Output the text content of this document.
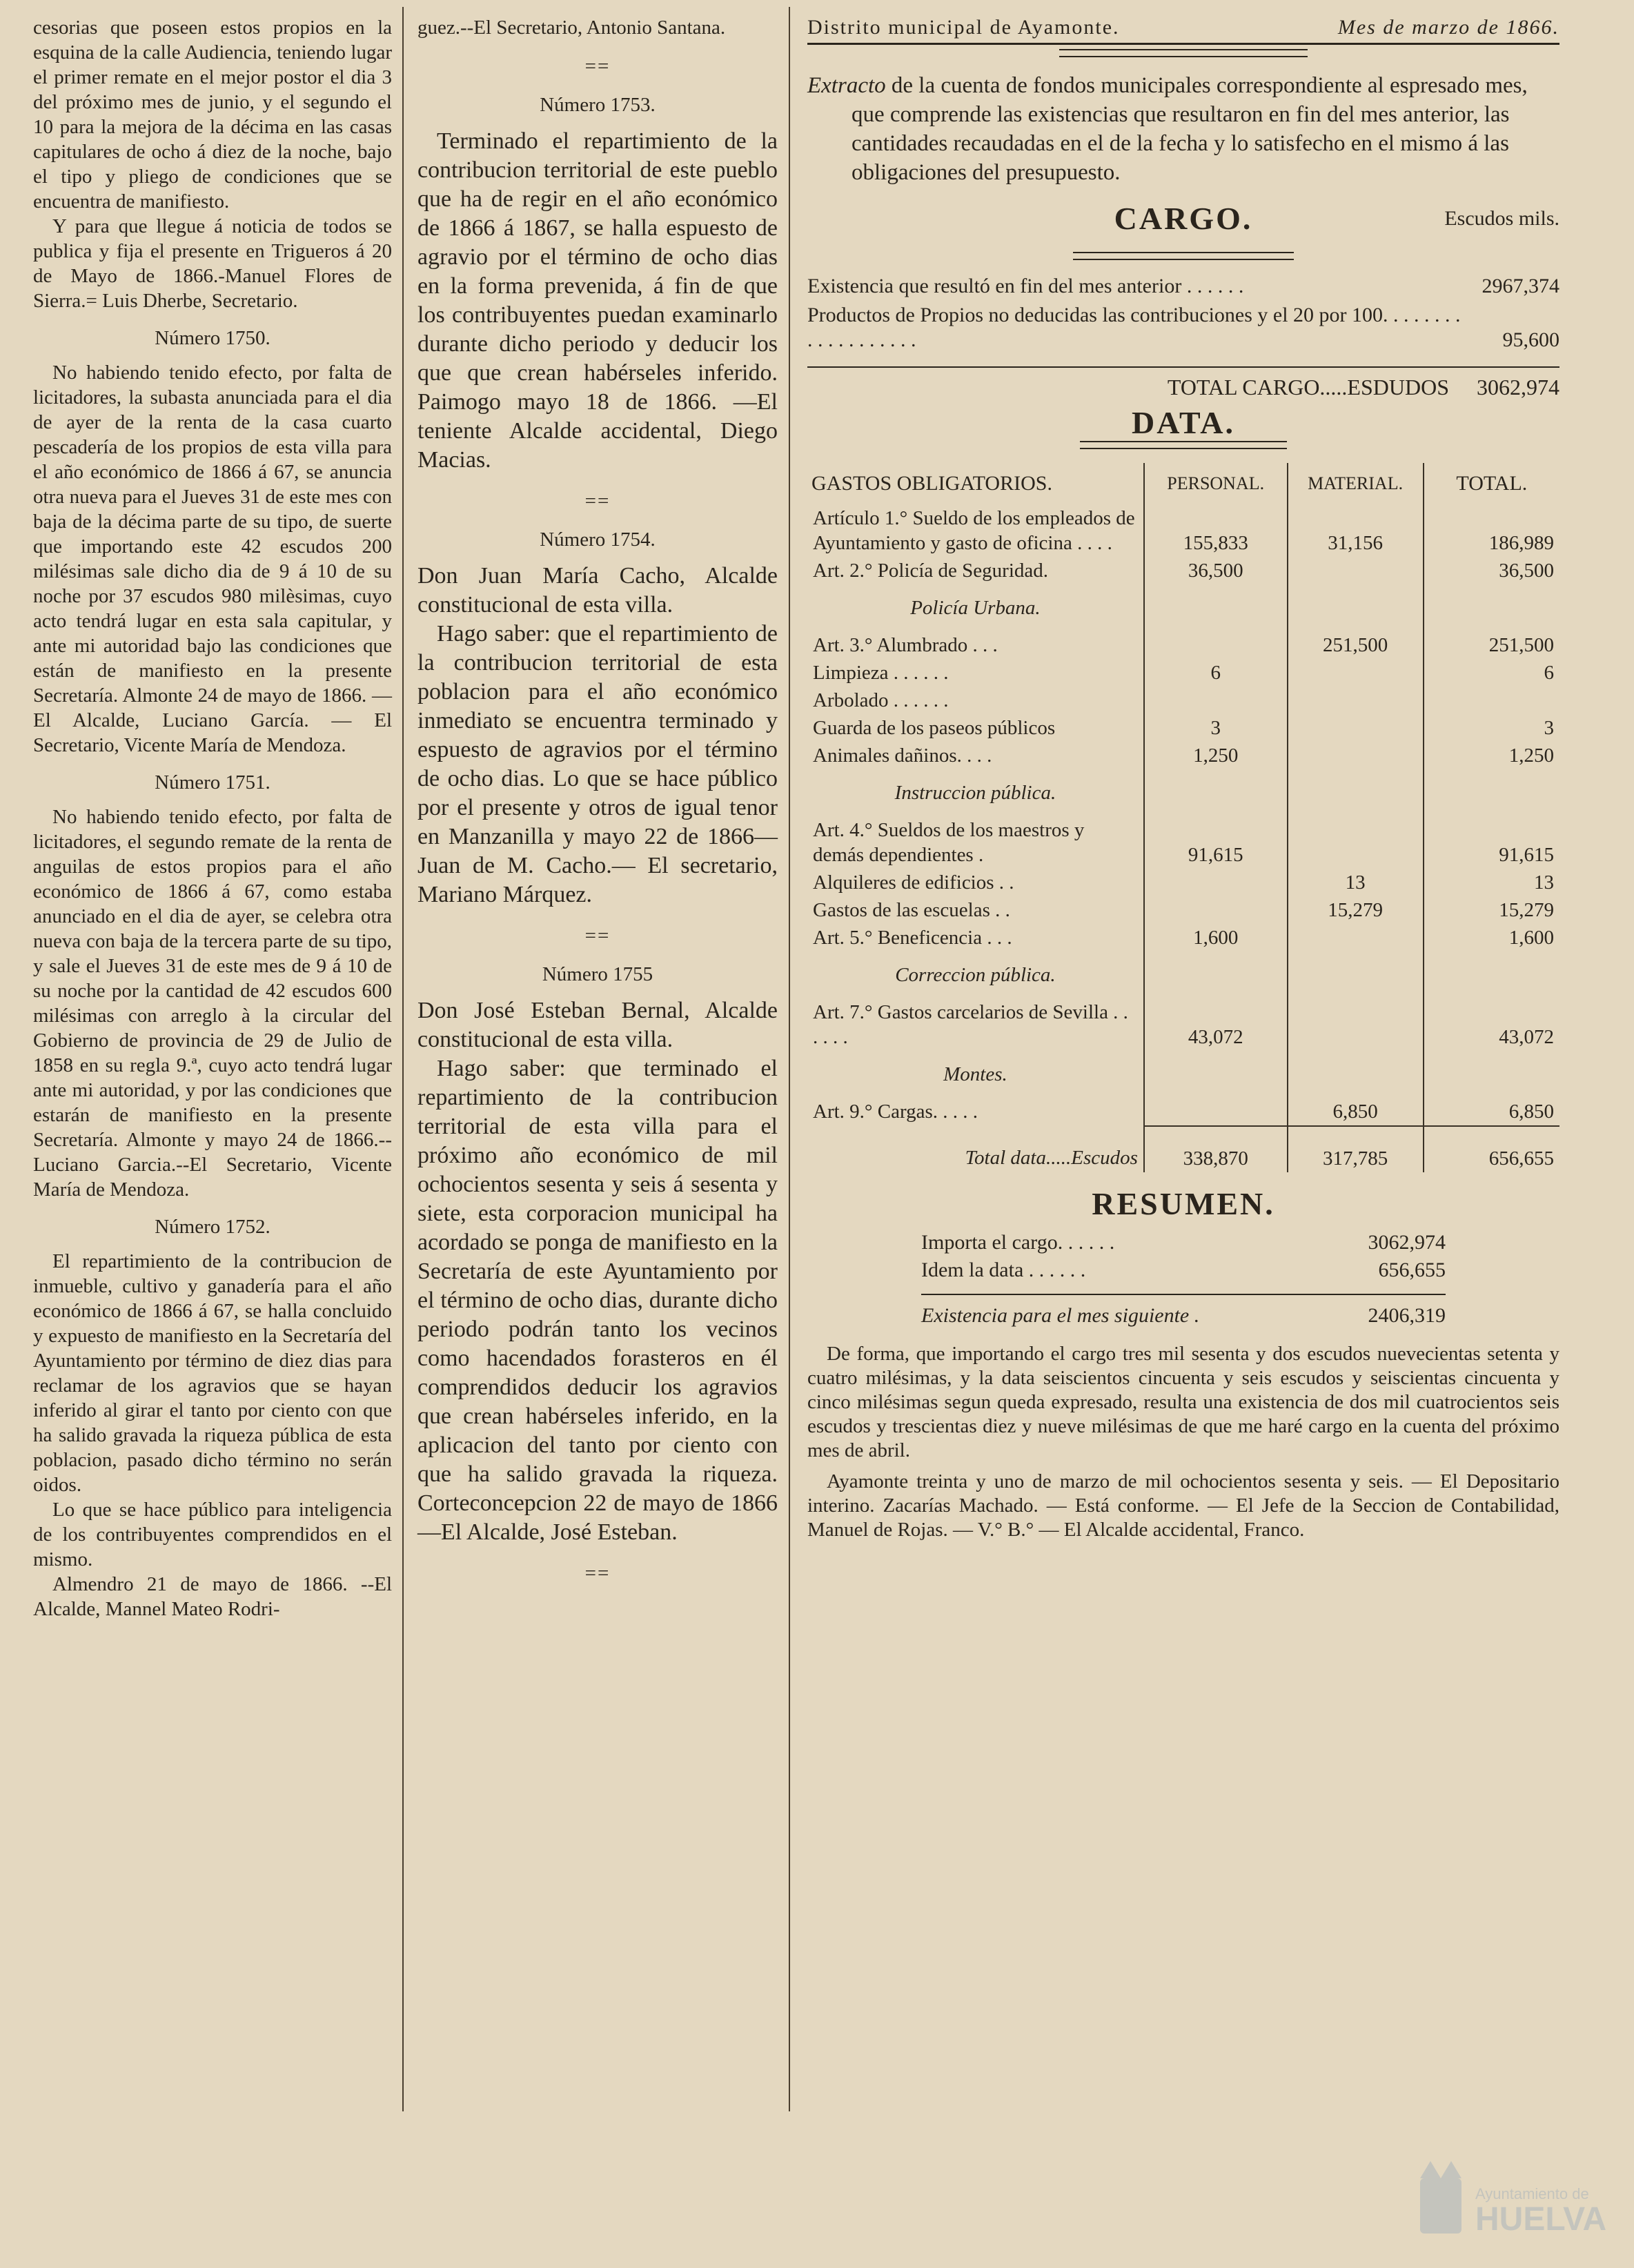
cesorias que poseen estos propios en la esquina de la calle Audiencia, teniendo lugar el primer remate en el mejor postor el dia 3 del próximo mes de junio, y el segundo el 10 para la mejora de la décima en las casas capitulares de ocho á diez de la noche, bajo el tipo y pliego de condiciones que se encuentra de manifiesto.

Y para que llegue á noticia de todos se publica y fija el presente en Trigueros á 20 de Mayo de 1866.-Manuel Flores de Sierra.= Luis Dherbe, Secretario.

Número 1750.

No habiendo tenido efecto, por falta de licitadores, la subasta anunciada para el dia de ayer de la renta de la casa cuarto pescadería de los propios de esta villa para el año económico de 1866 á 67, se anuncia otra nueva para el Jueves 31 de este mes con baja de la décima parte de su tipo, de suerte que importando este 42 escudos 200 milésimas sale dicho dia de 9 á 10 de su noche por 37 escudos 980 milèsimas, cuyo acto tendrá lugar en esta sala capitular, y ante mi autoridad bajo las condiciones que están de manifiesto en la presente Secretaría. Almonte 24 de mayo de 1866. — El Alcalde, Luciano García. — El Secretario, Vicente María de Mendoza.

Número 1751.

No habiendo tenido efecto, por falta de licitadores, el segundo remate de la renta de anguilas de estos propios para el año económico de 1866 á 67, como estaba anunciado en el dia de ayer, se celebra otra nueva con baja de la tercera parte de su tipo, y sale el Jueves 31 de este mes de 9 á 10 de su noche por la cantidad de 42 escudos 600 milésimas con arreglo à la circular del Gobierno de provincia de 29 de Julio de 1858 en su regla 9.ª, cuyo acto tendrá lugar ante mi autoridad, y por las condiciones que estarán de manifiesto en la presente Secretaría. Almonte y mayo 24 de 1866.--Luciano Garcia.--El Secretario, Vicente María de Mendoza.

Número 1752.

El repartimiento de la contribucion de inmueble, cultivo y ganadería para el año económico de 1866 á 67, se halla concluido y expuesto de manifiesto en la Secretaría del Ayuntamiento por término de diez dias para reclamar de los agravios que se hayan inferido al girar el tanto por ciento con que ha salido gravada la riqueza pública de esta poblacion, pasado dicho término no serán oidos.

Lo que se hace público para inteligencia de los contribuyentes comprendidos en el mismo.

Almendro 21 de mayo de 1866. --El Alcalde, Mannel Mateo Rodri-

guez.--El Secretario, Antonio Santana.

==
Número 1753.

Terminado el repartimiento de la contribucion territorial de este pueblo que ha de regir en el año económico de 1866 á 1867, se halla espuesto de agravio por el término de ocho dias en la forma prevenida, á fin de que los contribuyentes puedan examinarlo durante dicho periodo y deducir los que que crean habérseles inferido. Paimogo mayo 18 de 1866. —El teniente Alcalde accidental, Diego Macias.

==
Número 1754.

Don Juan María Cacho, Alcalde constitucional de esta villa.

Hago saber: que el repartimiento de la contribucion territorial de esta poblacion para el año económico inmediato se encuentra terminado y espuesto de agravios por el término de ocho dias. Lo que se hace público por el presente y otros de igual tenor en Manzanilla y mayo 22 de 1866—Juan de M. Cacho.— El secretario, Mariano Márquez.

==
Número 1755

Don José Esteban Bernal, Alcalde constitucional de esta villa.

Hago saber: que terminado el repartimiento de la contribucion territorial de esta villa para el próximo año económico de mil ochocientos sesenta y seis á sesenta y siete, esta corporacion municipal ha acordado se ponga de manifiesto en la Secretaría de este Ayuntamiento por el término de ocho dias, durante dicho periodo podrán tanto los vecinos como hacendados forasteros en él comprendidos deducir los agravios que crean habérseles inferido, en la aplicacion del tanto por ciento con que ha salido gravada la riqueza. Corteconcepcion 22 de mayo de 1866 —El Alcalde, José Esteban.

==
Distrito municipal de Ayamonte.	Mes de marzo de 1866.

Extracto de la cuenta de fondos municipales correspondiente al espresado mes, que comprende las existencias que resultaron en fin del mes anterior, las cantidades recaudadas en el de la fecha y lo satisfecho en el mismo á las obligaciones del presupuesto.

CARGO.	Escudos mils.
Existencia que resultó en fin del mes anterior . . . . . .	2967,374
Productos de Propios no deducidas las contribuciones y el 20 por 100. . . . . . . . . . . . . . . . . . .	95,600
TOTAL CARGO.....ESDUDOS 3062,974
DATA.
GASTOS OBLIGATORIOS.	PERSONAL.	MATERIAL.	TOTAL.
Artículo 1.° Sueldo de los empleados de Ayuntamiento y gasto de oficina . . . .	155,833	31,156	186,989
Art. 2.° Policía de Seguridad.	36,500		36,500
Policía Urbana.			
Art. 3.° Alumbrado . . .		251,500	251,500
Limpieza . . . . . .	6		6
Arbolado . . . . . .			
Guarda de los paseos públicos	3		3
Animales dañinos. . . .	1,250		1,250
Instruccion pública.			
Art. 4.° Sueldos de los maestros y demás dependientes .	91,615		91,615
Alquileres de edificios . .		13	13
Gastos de las escuelas . .		15,279	15,279
Art. 5.° Beneficencia . . .	1,600		1,600
Correccion pública.			
Art. 7.° Gastos carcelarios de Sevilla . . . . . .	43,072		43,072
Montes.			
Art. 9.° Cargas. . . . .		6,850	6,850
Total data.....Escudos	338,870	317,785	656,655
RESUMEN.
Importa el cargo. . . . . .	3062,974
Idem la data . . . . . .	656,655
Existencia para el mes siguiente .	2406,319

De forma, que importando el cargo tres mil sesenta y dos escudos nuevecientas setenta y cuatro milésimas, y la data seiscientos cincuenta y seis escudos y seiscientas cincuenta y cinco milésimas segun queda expresado, resulta una existencia de dos mil cuatrocientos seis escudos y trescientas diez y nueve milésimas de que me haré cargo en la cuenta del próximo mes de abril.

Ayamonte treinta y uno de marzo de mil ochocientos sesenta y seis. — El Depositario interino. Zacarías Machado. — Está conforme. — El Jefe de la Seccion de Contabilidad, Manuel de Rojas. — V.° B.° — El Alcalde accidental, Franco.

Ayuntamiento de
HUELVA
